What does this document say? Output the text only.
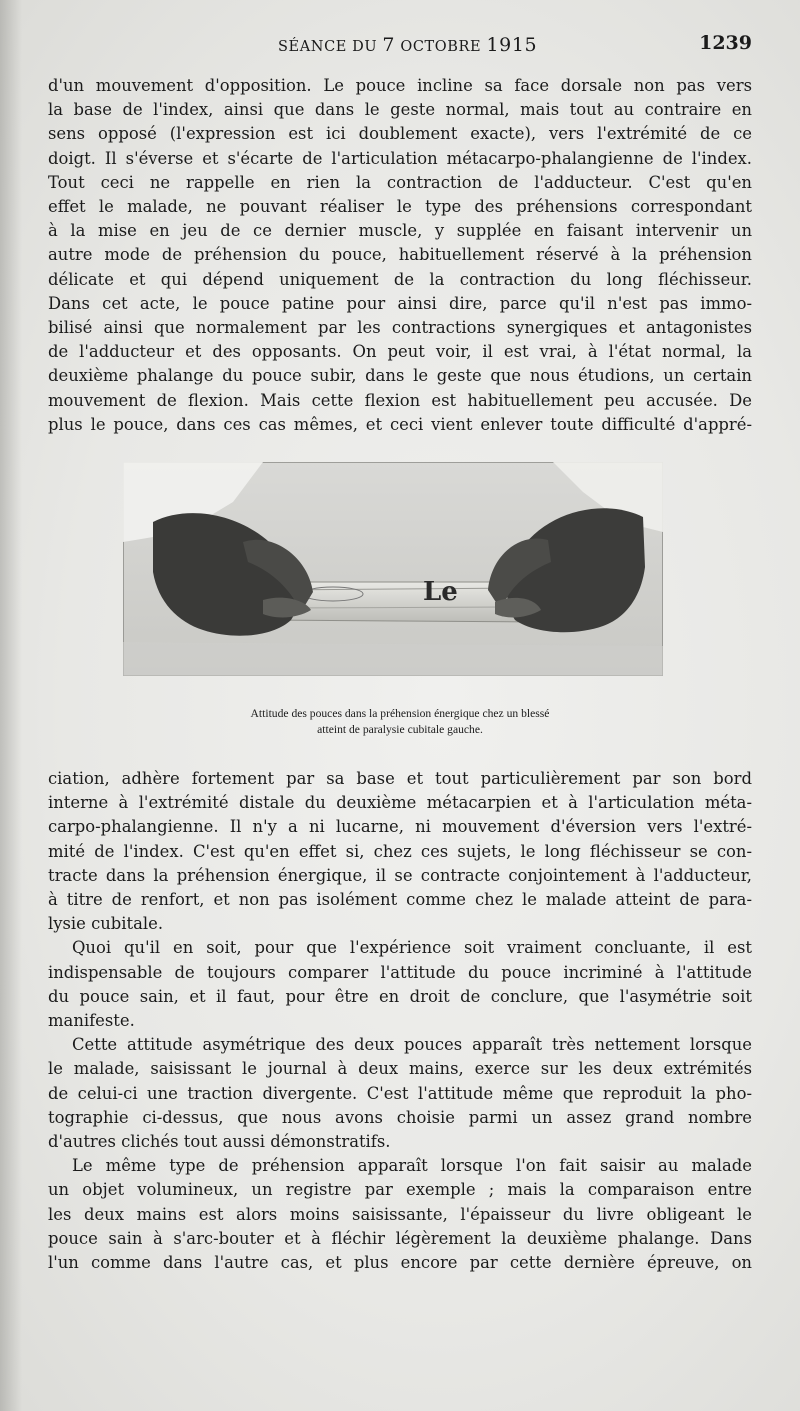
SÉANCE DU 7 OCTOBRE 1915	1239
d'un mouvement d'opposition. Le pouce incline sa face dorsale non pas vers
la base de l'index, ainsi que dans le geste normal, mais tout au contraire en
sens opposé (l'expression est ici doublement exacte), vers l'extrémité de ce
doigt. Il s'éverse et s'écarte de l'articulation métacarpo-phalangienne de l'index.
Tout ceci ne rappelle en rien la contraction de l'adducteur. C'est qu'en
effet le malade, ne pouvant réaliser le type des préhensions correspondant
à la mise en jeu de ce dernier muscle, y supplée en faisant intervenir un
autre mode de préhension du pouce, habituellement réservé à la préhension
délicate et qui dépend uniquement de la contraction du long fléchisseur.
Dans cet acte, le pouce patine pour ainsi dire, parce qu'il n'est pas immo-
bilisé ainsi que normalement par les contractions synergiques et antagonistes
de l'adducteur et des opposants. On peut voir, il est vrai, à l'état normal, la
deuxième phalange du pouce subir, dans le geste que nous étudions, un certain
mouvement de flexion. Mais cette flexion est habituellement peu accusée. De
plus le pouce, dans ces cas mêmes, et ceci vient enlever toute difficulté d'appré-
Le
Attitude des pouces dans la préhension énergique chez un blessé
atteint de paralysie cubitale gauche.
ciation, adhère fortement par sa base et tout particulièrement par son bord
interne à l'extrémité distale du deuxième métacarpien et à l'articulation méta-
carpo-phalangienne. Il n'y a ni lucarne, ni mouvement d'éversion vers l'extré-
mité de l'index. C'est qu'en effet si, chez ces sujets, le long fléchisseur se con-
tracte dans la préhension énergique, il se contracte conjointement à l'adducteur,
à titre de renfort, et non pas isolément comme chez le malade atteint de para-
lysie cubitale.
Quoi qu'il en soit, pour que l'expérience soit vraiment concluante, il est
indispensable de toujours comparer l'attitude du pouce incriminé à l'attitude
du pouce sain, et il faut, pour être en droit de conclure, que l'asymétrie soit
manifeste.
Cette attitude asymétrique des deux pouces apparaît très nettement lorsque
le malade, saisissant le journal à deux mains, exerce sur les deux extrémités
de celui-ci une traction divergente. C'est l'attitude même que reproduit la pho-
tographie ci-dessus, que nous avons choisie parmi un assez grand nombre
d'autres clichés tout aussi démonstratifs.
Le même type de préhension apparaît lorsque l'on fait saisir au malade
un objet volumineux, un registre par exemple ; mais la comparaison entre
les deux mains est alors moins saisissante, l'épaisseur du livre obligeant le
pouce sain à s'arc-bouter et à fléchir légèrement la deuxième phalange. Dans
l'un comme dans l'autre cas, et plus encore par cette dernière épreuve, on
